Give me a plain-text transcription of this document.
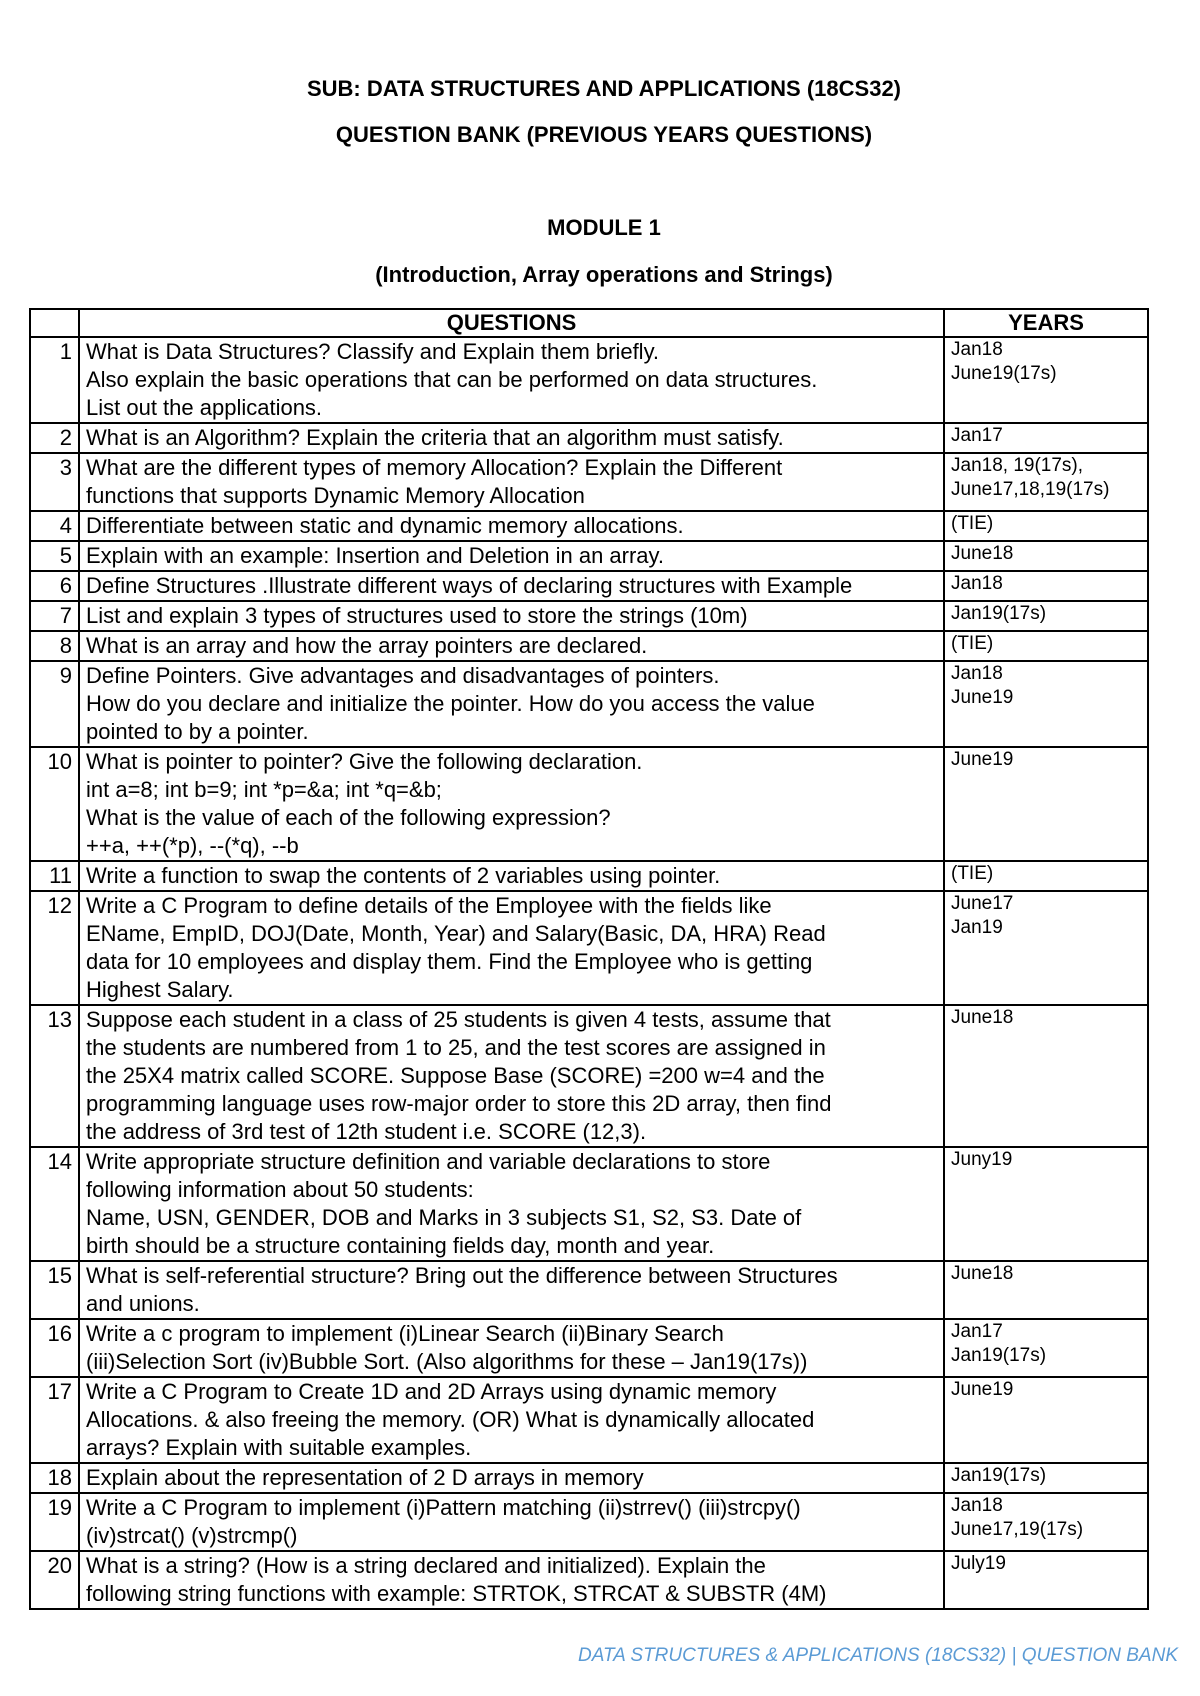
SUB: DATA STRUCTURES AND APPLICATIONS (18CS32)
QUESTION BANK (PREVIOUS YEARS QUESTIONS)
MODULE 1
(Introduction, Array operations and Strings)
	QUESTIONS	YEARS
1	What is Data Structures? Classify and Explain them briefly.
Also explain the basic operations that can be performed on data structures.
List out the applications.	Jan18
June19(17s)
2	What is an Algorithm? Explain the criteria that an algorithm must satisfy.	Jan17
3	What are the different types of memory Allocation? Explain the Different
functions that supports Dynamic Memory Allocation	Jan18, 19(17s),
June17,18,19(17s)
4	Differentiate between static and dynamic memory allocations.	(TIE)
5	Explain with an example: Insertion and Deletion in an array.	June18
6	Define Structures .Illustrate different ways of declaring structures with Example	Jan18
7	List and explain 3 types of structures used to store the strings (10m)	Jan19(17s)
8	What is an array and how the array pointers are declared.	(TIE)
9	Define Pointers. Give advantages and disadvantages of pointers.
How do you declare and initialize the pointer. How do you access the value
pointed to by a pointer.	Jan18
June19
10	What is pointer to pointer? Give the following declaration.
int a=8; int b=9; int *p=&a; int *q=&b;
What is the value of each of the following expression?
++a, ++(*p), --(*q), --b	June19
11	Write a function to swap the contents of 2 variables using pointer.	(TIE)
12	Write a C Program to define details of the Employee with the fields like
EName, EmpID, DOJ(Date, Month, Year) and Salary(Basic, DA, HRA) Read
data for 10 employees and display them. Find the Employee who is getting
Highest Salary.	June17
Jan19
13	Suppose each student in a class of 25 students is given 4 tests, assume that
the students are numbered from 1 to 25, and the test scores are assigned in
the 25X4 matrix called SCORE. Suppose Base (SCORE) =200 w=4 and the
programming language uses row-major order to store this 2D array, then find
the address of 3rd test of 12th student i.e. SCORE (12,3).	June18
14	Write appropriate structure definition and variable declarations to store
following information about 50 students:
Name, USN, GENDER, DOB and Marks in 3 subjects S1, S2, S3. Date of
birth should be a structure containing fields day, month and year.	Juny19
15	What is self-referential structure? Bring out the difference between Structures
and unions.	June18
16	Write a c program to implement (i)Linear Search (ii)Binary Search
(iii)Selection Sort (iv)Bubble Sort. (Also algorithms for these – Jan19(17s))	Jan17
Jan19(17s)
17	Write a C Program to Create 1D and 2D Arrays using dynamic memory
Allocations. & also freeing the memory. (OR) What is dynamically allocated
arrays? Explain with suitable examples.	June19
18	Explain about the representation of 2 D arrays in memory	Jan19(17s)
19	Write a C Program to implement (i)Pattern matching (ii)strrev() (iii)strcpy()
(iv)strcat() (v)strcmp()	Jan18
June17,19(17s)
20	What is a string? (How is a string declared and initialized). Explain the
following string functions with example: STRTOK, STRCAT & SUBSTR (4M)	July19
DATA STRUCTURES & APPLICATIONS (18CS32) | QUESTION BANK
